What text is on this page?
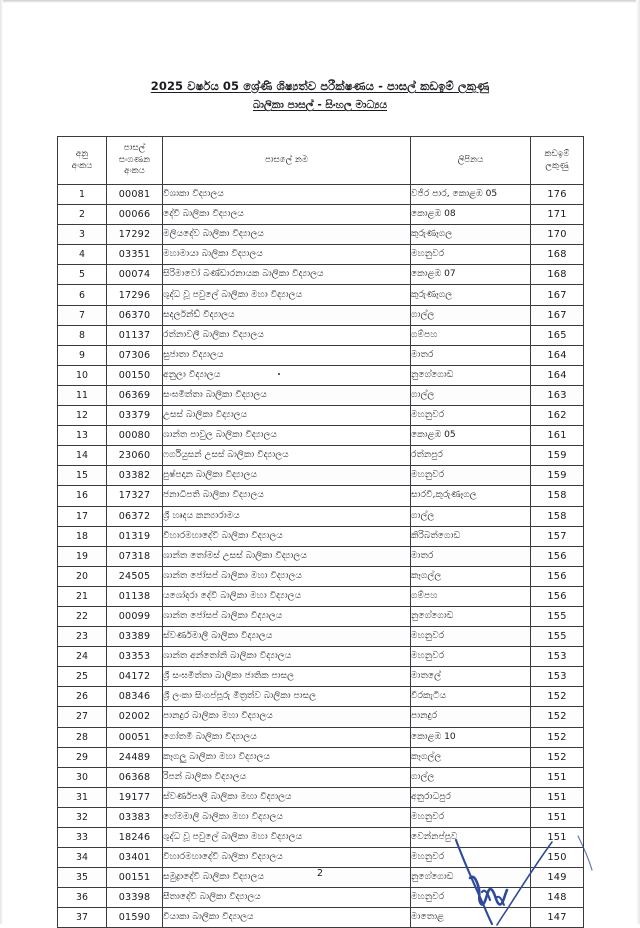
2025 වර්ෂය 05 ශ්‍රේණි ශිෂ්‍යත්ව පරීක්ෂණය - පාසල් කඩඉම් ලකුණු
බාලිකා පාසල් - සිංහල මාධ්‍යය
අනු
අංකය	පාසල්
සංගණන
අංකය	පාසලේ නම	ලිපිනය	කඩඉම්
ලකුණු
1	00081	විශාකා විද්‍යාලය	වජිර පාර, කොළඹ 05	176
2	00066	දේවි බාලිකා විද්‍යාලය	කොළඹ 08	171
3	17292	මලියදේව බාලිකා විද්‍යාලය	කුරුණෑගල	170
4	03351	මහාමායා බාලිකා විද්‍යාලය	මහනුවර	168
5	00074	සිරිමාවෝ බණ්ඩාරනායක බාලිකා විද්‍යාලය	කොළඹ 07	168
6	17296	ශුද්ධ වූ පවුලේ බාලිකා මහා විද්‍යාලය	කුරුණෑගල	167
7	06370	සදර්ලන්ඩ් විද්‍යාලය	ගාල්ල	167
8	01137	රත්නාවලී බාලිකා විද්‍යාලය	ගම්පහ	165
9	07306	සුජාතා විද්‍යාලය	මාතර	164
10	00150	අනුලා විද්‍යාලය	නුගේගොඩ	164
11	06369	සංඝමිත්තා බාලිකා විද්‍යාලය	ගාල්ල	163
12	03379	උසස් බාලිකා විද්‍යාලය	මහනුවර	162
13	00080	ශාන්ත පාවුල බාලිකා විද්‍යාලය	කොළඹ 05	161
14	23060	ෆර්ගියුසන් උසස් බාලිකා විද්‍යාලය	රත්නපුර	159
15	03382	පුෂ්පදාන බාලිකා විද්‍යාලය	මහනුවර	159
16	17327	ජනාධිපති බාලිකා විද්‍යාලය	සාරවි,කුරුණෑගල	158
17	06372	ශ්‍රී හෘදය කන්‍යාරාමය	ගාල්ල	158
18	01319	විහාරමහාදේවී බාලිකා විද්‍යාලය	කිරිබත්ගොඩ	157
19	07318	ශාන්ත තෝමස් උසස් බාලිකා විද්‍යාලය	මාතර	156
20	24505	ශාන්ත ජෝසප් බාලිකා මහා විද්‍යාලය	කෑගල්ල	156
21	01138	යශෝදරා දේවි බාලිකා මහා විද්‍යාලය	ගම්පහ	156
22	00099	ශාන්ත ජෝසප් බාලිකා විද්‍යාලය	නුගේගොඩ	155
23	03389	ස්වර්ණමාලී බාලිකා විද්‍යාලය	මහනුවර	155
24	03353	ශාන්ත අන්තෝනි බාලිකා විද්‍යාලය	මහනුවර	153
25	04172	ශ්‍රී සංඝමිත්තා බාලිකා ජාතික පාසල	මාතලේ	153
26	08346	ශ්‍රී ලංකා සිංගප්පූරු මිත්‍රත්ව බාලිකා පාසල	වීරකැටිය	152
27	02002	පානදුර බාලිකා මහා විද්‍යාලය	පානදුර	152
28	00051	ගෝතමී බාලිකා විද්‍යාලය	කොළඹ 10	152
29	24489	කෑගලු බාලිකා මහා විද්‍යාලය	කෑගල්ල	152
30	06368	රිපන් බාලිකා විද්‍යාලය	ගාල්ල	151
31	19177	ස්වර්ණපාලී බාලිකා මහා විද්‍යාලය	අනුරාධපුර	151
32	03383	හේමමාලි බාලිකා මහා විද්‍යාලය	මහනුවර	151
33	18246	ශුද්ධ වූ පවුලේ බාලිකා මහා විද්‍යාලය	වෙන්නප්පුව	151
34	03401	විහාරමහාදේවී බාලිකා විද්‍යාලය	මහනුවර	150
35	00151	සමුද්‍රාදේවී බාලිකා විද්‍යාලය	නුගේගොඩ	149
36	03398	සීතාදේවී බාලිකා විද්‍යාලය	මහනුවර	148
37	01590	වියාකා බාලිකා විද්‍යාලය	මාතොළ	147
2
